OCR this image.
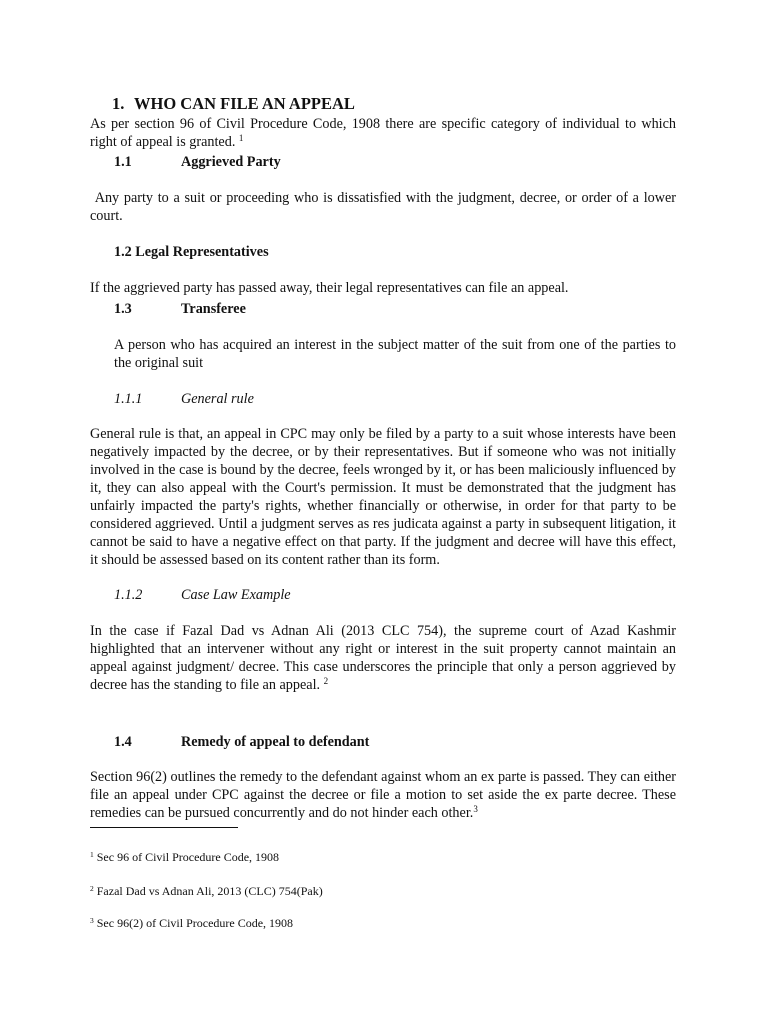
1. WHO CAN FILE AN APPEAL

As per section 96 of Civil Procedure Code, 1908 there are specific category of individual to which right of appeal is granted. $^1$

1.1	Aggrieved Party

Any party to a suit or proceeding who is dissatisfied with the judgment, decree, or order of a lower court.

1.2 Legal Representatives

If the aggrieved party has passed away, their legal representatives can file an appeal.

1.3	Transferee

A person who has acquired an interest in the subject matter of the suit from one of the parties to the original suit

1.1.1	General rule

General rule is that, an appeal in CPC may only be filed by a party to a suit whose interests have been negatively impacted by the decree, or by their representatives. But if someone who was not initially involved in the case is bound by the decree, feels wronged by it, or has been maliciously influenced by it, they can also appeal with the Court's permission. It must be demonstrated that the judgment has unfairly impacted the party's rights, whether financially or otherwise, in order for that party to be considered aggrieved. Until a judgment serves as res judicata against a party in subsequent litigation, it cannot be said to have a negative effect on that party. If the judgment and decree will have this effect, it should be assessed based on its content rather than its form.

1.1.2	Case Law Example

In the case if Fazal Dad vs Adnan Ali (2013 CLC 754), the supreme court of Azad Kashmir highlighted that an intervener without any right or interest in the suit property cannot maintain an appeal against judgment/ decree. This case underscores the principle that only a person aggrieved by decree has the standing to file an appeal. $^2$

1.4	Remedy of appeal to defendant

Section 96(2) outlines the remedy to the defendant against whom an ex parte is passed. They can either file an appeal under CPC against the decree or file a motion to set aside the ex parte decree. These remedies can be pursued concurrently and do not hinder each other.$^3$

$^1$ Sec 96 of Civil Procedure Code, 1908
$^2$ Fazal Dad vs Adnan Ali, 2013 (CLC) 754(Pak)
$^3$ Sec 96(2) of Civil Procedure Code, 1908
